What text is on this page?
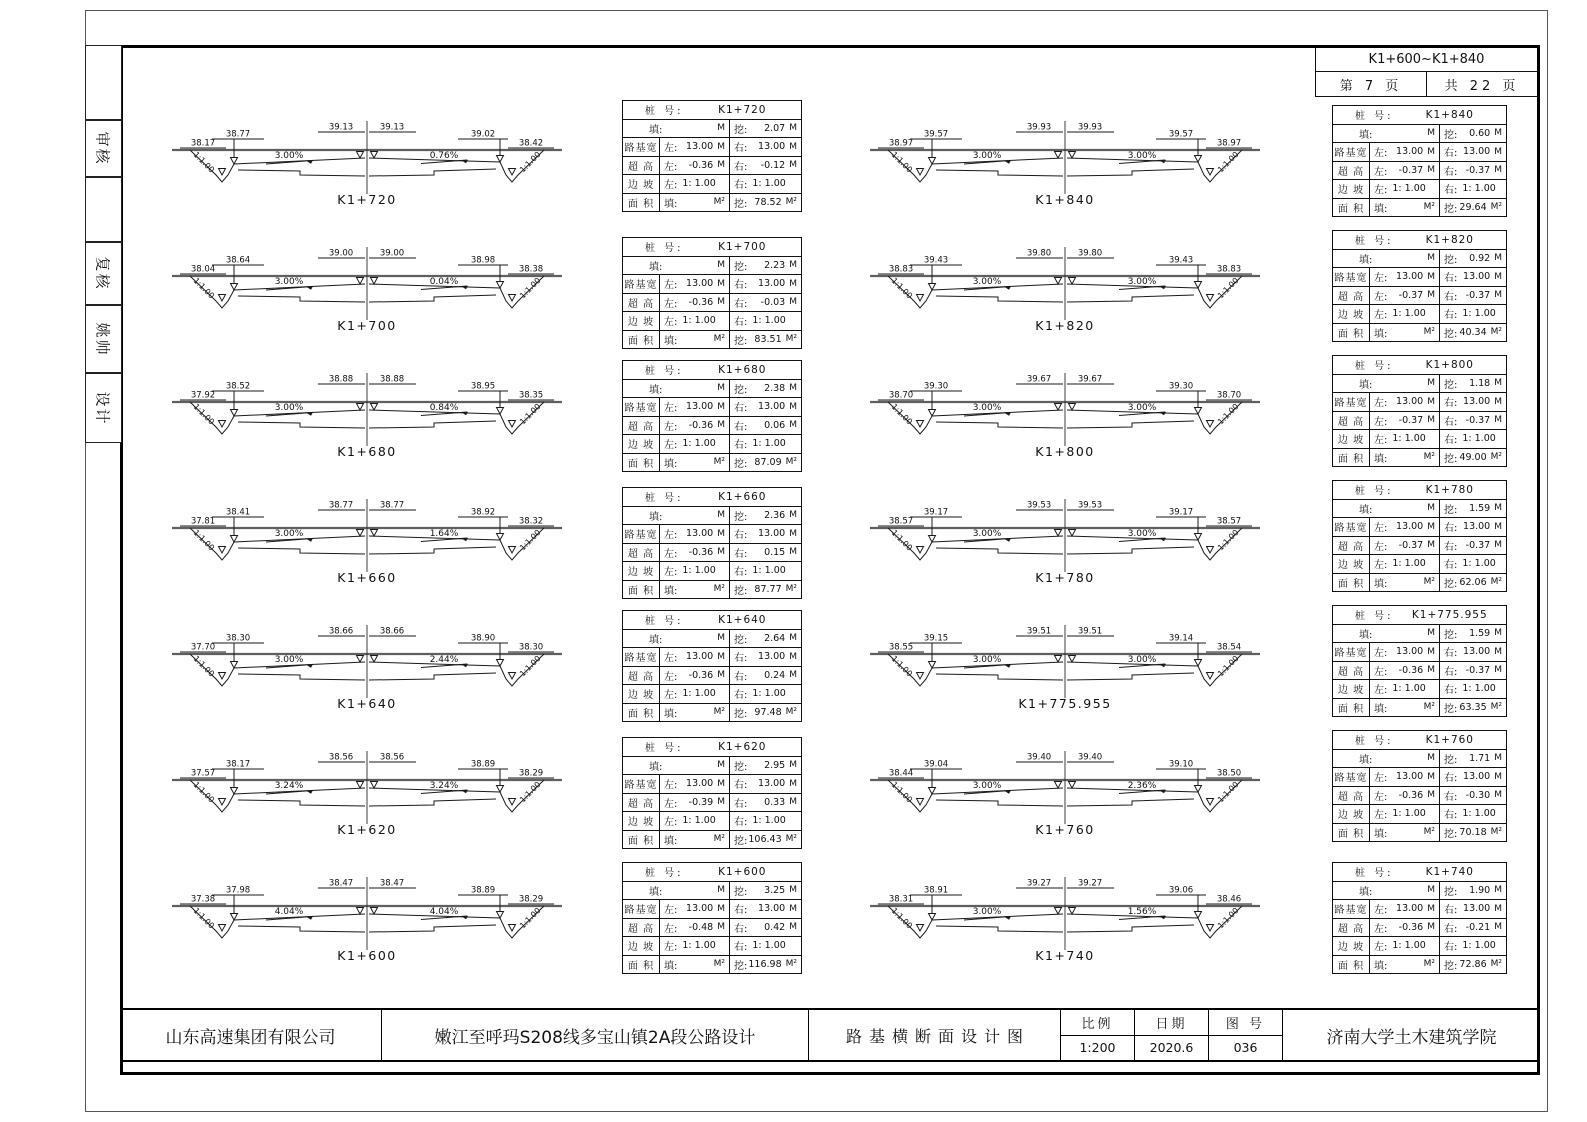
审核
复核
姚帅
设计
K1+600~K1+840
第 7 页	共 22 页
38.17
38.77
39.13	39.13
39.02
38.42
3.00%	0.76%
1:1.00	1:1.00
K1+720
桩 号:	K1+720
填:	M 挖:	2.07 M
路基宽 左: 13.00 M 右:	13.00 M
超 高 左:	-0.36 M 右:	-0.12 M
边 坡 左: 1: 1.00 右: 1: 1.00
面 积 填:	M² 挖: 78.52 M²
38.04
38.64
39.00	39.00
38.98
38.38
3.00%	0.04%
1:1.00	1:1.00
K1+700
桩 号:	K1+700
填:	M 挖:	2.23 M
路基宽 左: 13.00 M 右:	13.00 M
超 高 左:	-0.36 M 右:	-0.03 M
边 坡 左: 1: 1.00 右: 1: 1.00
面 积 填:	M² 挖: 83.51 M²
37.92
38.52
38.88	38.88
38.95
38.35
3.00%	0.84%
1:1.00	1:1.00
K1+680
桩 号:	K1+680
填:	M 挖:	2.38 M
路基宽 左: 13.00 M 右:	13.00 M
超 高 左:	-0.36 M 右:	0.06 M
边 坡 左: 1: 1.00 右: 1: 1.00
面 积 填:	M² 挖: 87.09 M²
37.81
38.41
38.77	38.77
38.92
38.32
3.00%	1.64%
1:1.00	1:1.00
K1+660
桩 号:	K1+660
填:	M 挖:	2.36 M
路基宽 左: 13.00 M 右:	13.00 M
超 高 左:	-0.36 M 右:	0.15 M
边 坡 左: 1: 1.00 右: 1: 1.00
面 积 填:	M² 挖: 87.77 M²
37.70
38.30
38.66	38.66
38.90
38.30
3.00%	2.44%
1:1.00	1:1.00
K1+640
桩 号:	K1+640
填:	M 挖:	2.64 M
路基宽 左: 13.00 M 右:	13.00 M
超 高 左:	-0.36 M 右:	0.24 M
边 坡 左: 1: 1.00 右: 1: 1.00
面 积 填:	M² 挖: 97.48 M²
37.57
38.17
38.56	38.56
38.89
38.29
3.24%	3.24%
1:1.00	1:1.00
K1+620
桩 号:	K1+620
填:	M 挖:	2.95 M
路基宽 左: 13.00 M 右:	13.00 M
超 高 左:	-0.39 M 右:	0.33 M
边 坡 左: 1: 1.00 右: 1: 1.00
面 积 填:	M² 挖: 106.43 M²
37.38
37.98
38.47	38.47
38.89
38.29
4.04%	4.04%
1:1.00	1:1.00
K1+600
桩 号:	K1+600
填:	M 挖:	3.25 M
路基宽 左: 13.00 M 右:	13.00 M
超 高 左:	-0.48 M 右:	0.42 M
边 坡 左: 1: 1.00 右: 1: 1.00
面 积 填:	M² 挖: 116.98 M²
38.97
39.57
39.93	39.93
39.57
38.97
3.00%	3.00%
1:1.00	1:1.00
K1+840
桩 号:	K1+840
填:	M 挖:	0.60 M
路基宽 左: 13.00 M 右: 13.00 M
超 高 左:	-0.37 M 右: -0.37 M
边 坡 左: 1: 1.00 右: 1: 1.00
面 积 填:	M² 挖: 29.64 M²
38.83
39.43
39.80	39.80
39.43
38.83
3.00%	3.00%
1:1.00	1:1.00
K1+820
桩 号:	K1+820
填:	M 挖:	0.92 M
路基宽 左: 13.00 M 右: 13.00 M
超 高 左:	-0.37 M 右: -0.37 M
边 坡 左: 1: 1.00 右: 1: 1.00
面 积 填:	M² 挖: 40.34 M²
38.70
39.30
39.67	39.67
39.30
38.70
3.00%	3.00%
1:1.00	1:1.00
K1+800
桩 号:	K1+800
填:	M 挖:	1.18 M
路基宽 左: 13.00 M 右: 13.00 M
超 高 左:	-0.37 M 右: -0.37 M
边 坡 左: 1: 1.00 右: 1: 1.00
面 积 填:	M² 挖: 49.00 M²
38.57
39.17
39.53	39.53
39.17
38.57
3.00%	3.00%
1:1.00	1:1.00
K1+780
桩 号:	K1+780
填:	M 挖:	1.59 M
路基宽 左: 13.00 M 右: 13.00 M
超 高 左:	-0.37 M 右: -0.37 M
边 坡 左: 1: 1.00 右: 1: 1.00
面 积 填:	M² 挖: 62.06 M²
38.55
39.15
39.51	39.51
39.14
38.54
3.00%	3.00%
1:1.00	1:1.00
K1+775.955
桩 号:	K1+775.955
填:	M 挖:	1.59 M
路基宽 左: 13.00 M 右: 13.00 M
超 高 左:	-0.36 M 右: -0.37 M
边 坡 左: 1: 1.00 右: 1: 1.00
面 积 填:	M² 挖: 63.35 M²
38.44
39.04
39.40	39.40
39.10
38.50
3.00%	2.36%
1:1.00	1:1.00
K1+760
桩 号:	K1+760
填:	M 挖:	1.71 M
路基宽 左: 13.00 M 右: 13.00 M
超 高 左:	-0.36 M 右: -0.30 M
边 坡 左: 1: 1.00 右: 1: 1.00
面 积 填:	M² 挖: 70.18 M²
38.31
38.91
39.27	39.27
39.06
38.46
3.00%	1.56%
1:1.00	1:1.00
K1+740
桩 号:	K1+740
填:	M 挖:	1.90 M
路基宽 左: 13.00 M 右: 13.00 M
超 高 左:	-0.36 M 右: -0.21 M
边 坡 左: 1: 1.00 右: 1: 1.00
面 积 填:	M² 挖: 72.86 M²
山东高速集团有限公司	嫩江至呼玛S208线多宝山镇2A段公路设计	路基横断面设计图
比例
1:200
日期
2020.6
图 号
036
济南大学土木建筑学院
